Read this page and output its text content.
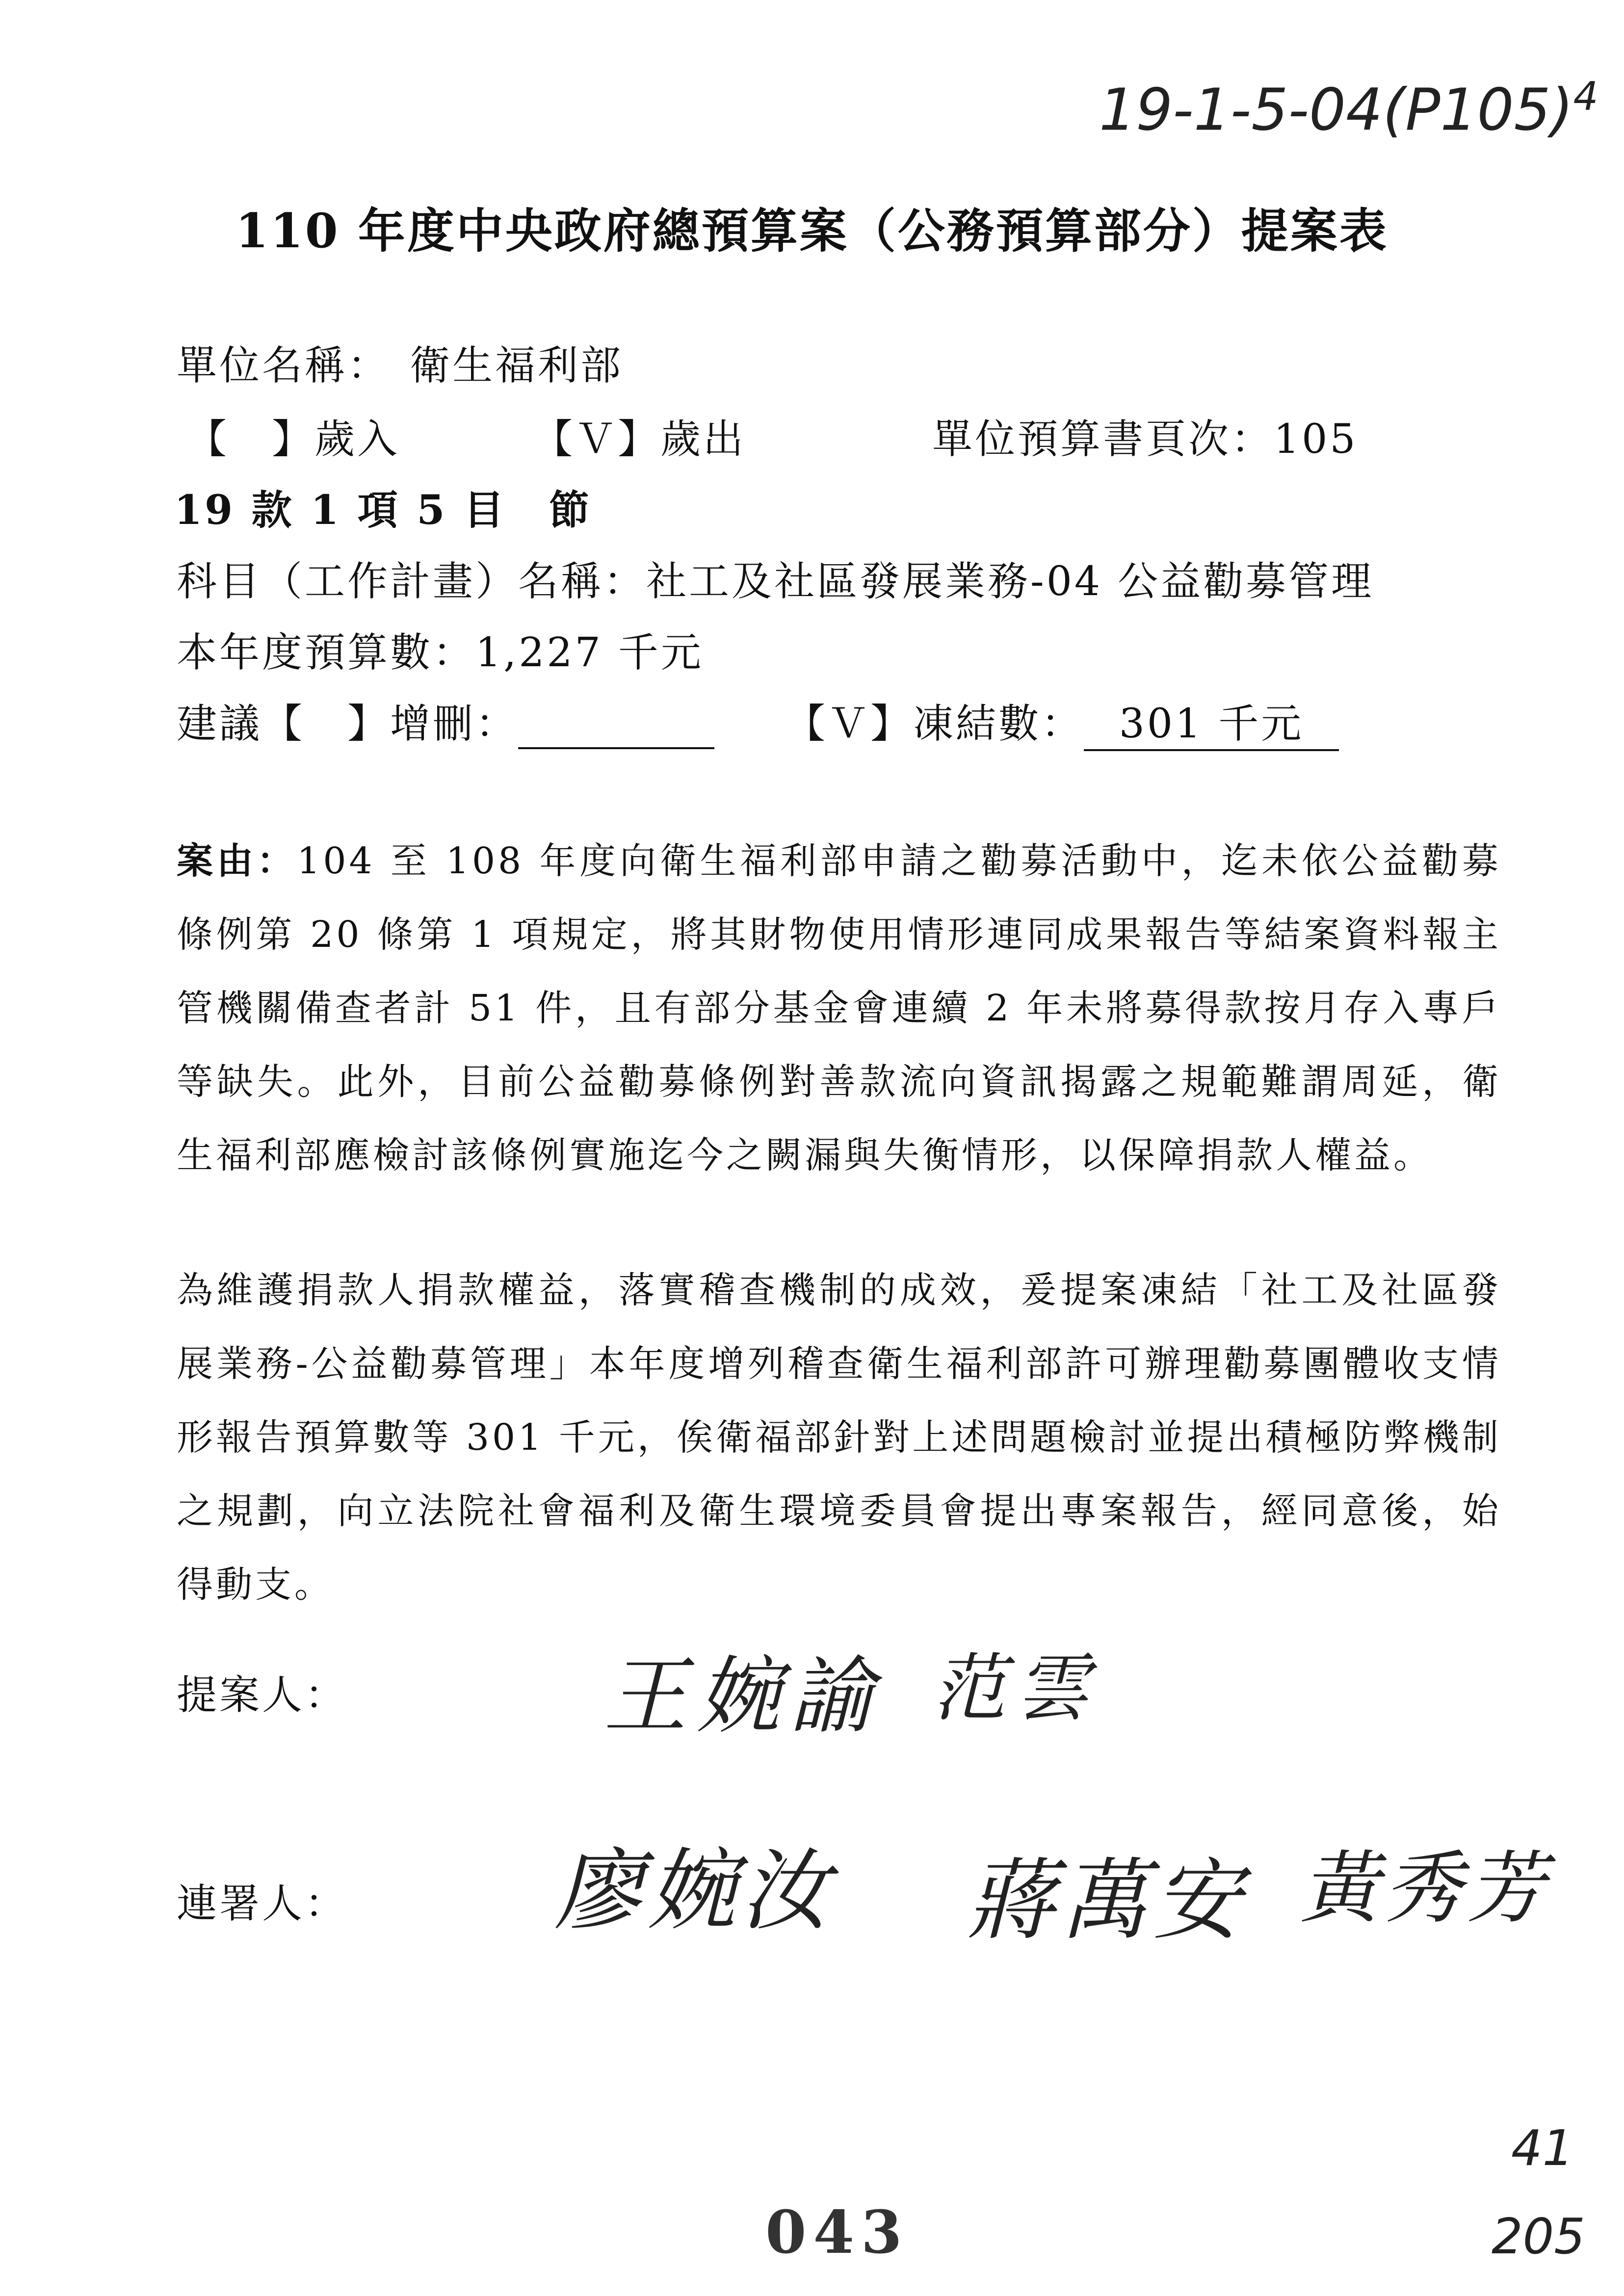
$19-1-5-04(P105)^4$
110 年度中央政府總預算案（公務預算部分）提案表
單位名稱： 衛生福利部
【　】歲入	【Ｖ】歲出	單位預算書頁次：105
19 款 1 項 5 目　節
科目（工作計畫）名稱：社工及社區發展業務-04 公益勸募管理
本年度預算數：1,227 千元
建議【　】增刪：	【Ｖ】凍結數： 301 千元
案由：104 至 108 年度向衛生福利部申請之勸募活動中，迄未依公益勸募條例第 20 條第 1 項規定，將其財物使用情形連同成果報告等結案資料報主管機關備查者計 51 件，且有部分基金會連續 2 年未將募得款按月存入專戶等缺失。此外，目前公益勸募條例對善款流向資訊揭露之規範難謂周延，衛生福利部應檢討該條例實施迄今之闕漏與失衡情形，以保障捐款人權益。
為維護捐款人捐款權益，落實稽查機制的成效，爰提案凍結「社工及社區發展業務-公益勸募管理」本年度增列稽查衛生福利部許可辦理勸募團體收支情形報告預算數等 301 千元，俟衛福部針對上述問題檢討並提出積極防弊機制之規劃，向立法院社會福利及衛生環境委員會提出專案報告，經同意後，始得動支。
提案人：	王婉諭 范雲
連署人： 廖婉汝 蔣萬安 黃秀芳
043
41
205
